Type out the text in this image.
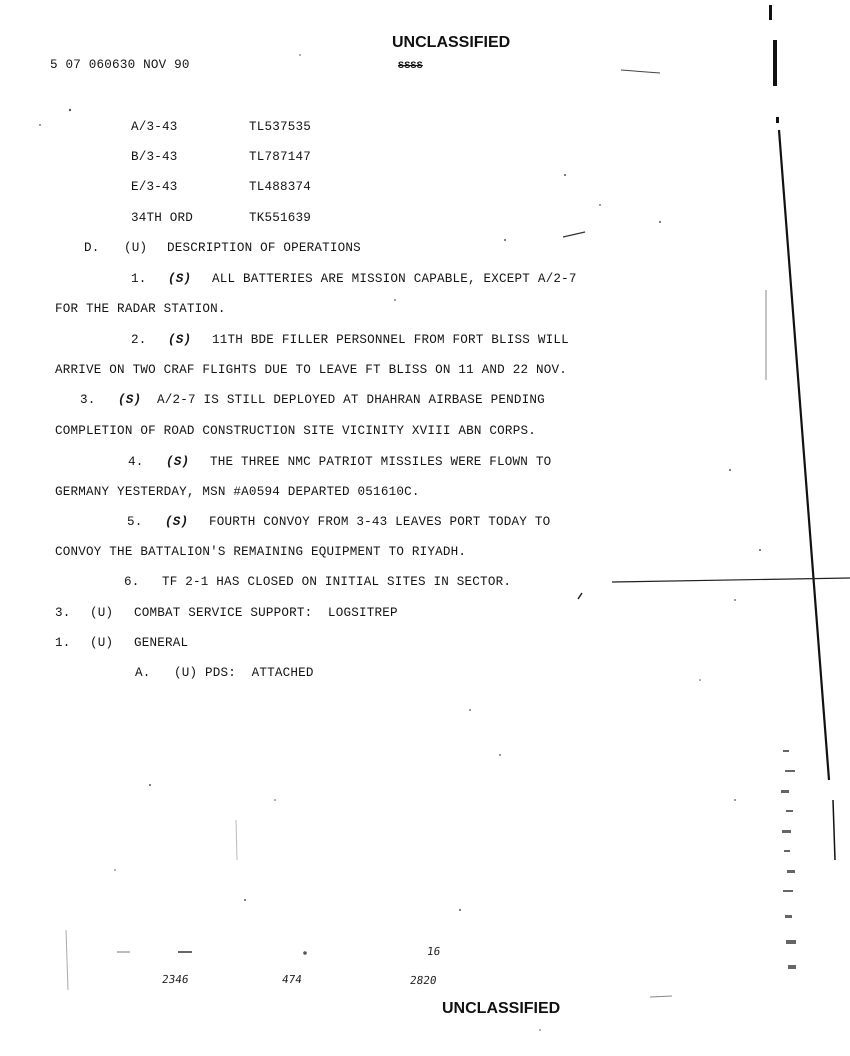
UNCLASSIFIED
5 07 060630 NOV 90	SSSS
A/3-43	TL537535
B/3-43	TL787147
E/3-43	TL488374
34TH ORD	TK551639
D. (U) DESCRIPTION OF OPERATIONS
1. (S) ALL BATTERIES ARE MISSION CAPABLE, EXCEPT A/2-7
FOR THE RADAR STATION.
2. (S) 11TH BDE FILLER PERSONNEL FROM FORT BLISS WILL
ARRIVE ON TWO CRAF FLIGHTS DUE TO LEAVE FT BLISS ON 11 AND 22 NOV.
3. (S) A/2-7 IS STILL DEPLOYED AT DHAHRAN AIRBASE PENDING
COMPLETION OF ROAD CONSTRUCTION SITE VICINITY XVIII ABN CORPS.
4. (S) THE THREE NMC PATRIOT MISSILES WERE FLOWN TO
GERMANY YESTERDAY, MSN #A0594 DEPARTED 051610C.
5. (S) FOURTH CONVOY FROM 3-43 LEAVES PORT TODAY TO
CONVOY THE BATTALION'S REMAINING EQUIPMENT TO RIYADH.
6. TF 2-1 HAS CLOSED ON INITIAL SITES IN SECTOR.
3. (U) COMBAT SERVICE SUPPORT:  LOGSITREP
1. (U) GENERAL
A. (U) PDS:  ATTACHED
16
2346	474	2820
UNCLASSIFIED
